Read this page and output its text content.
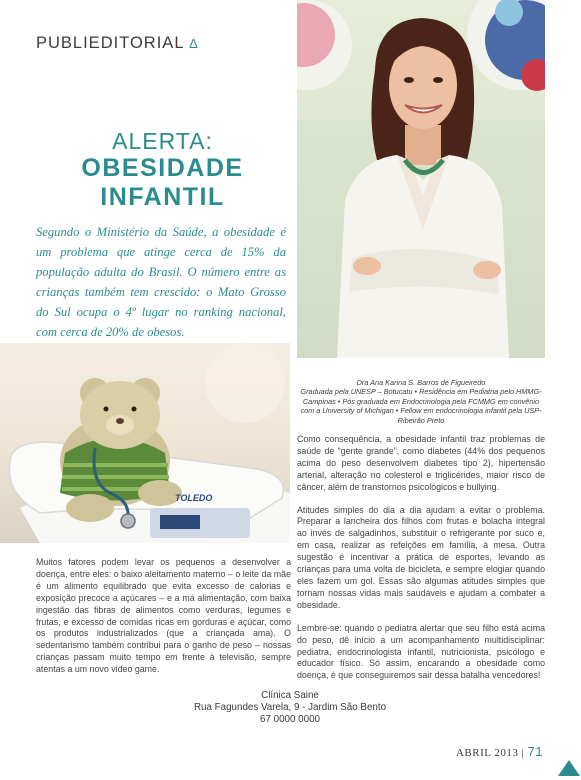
PUBLIEDITORIAL ∆
ALERTA:
OBESIDADE
INFANTIL

Segundo o Ministério da Saúde, a obesidade é um problema que atinge cerca de 15% da população adulta do Brasil. O número entre as crianças também tem crescido: o Mato Grosso do Sul ocupa o 4º lugar no ranking nacional, com cerca de 20% de obesos.

Dra Ana Karina S. Barros de Figueiredo
Graduada pela UNESP – Botucatu • Residência em Pediatria pelo HMMG- Campinas • Pós graduada em Endocrinologia pela FCMMG em convênio com a University of Michigan • Fellow em endocrinologia infantil pela USP- Ribeirão Preto
TOLEDO

Muitos fatores podem levar os pequenos a desenvolver a doença, entre eles: o baixo aleitamento materno – o leite da mãe é um alimento equilibrado que evita excesso de calorias e exposição precoce a açúcares – e a má alimentação, com baixa ingestão das fibras de alimentos como verduras, legumes e frutas, e excesso de comidas ricas em gorduras e açúcar, como os produtos industrializados (que a criançada ama). O sedentarismo também contribui para o ganho de peso – nossas crianças passam muito tempo em frente à televisão, sempre atentas a um novo video game.

Como consequência, a obesidade infantil traz problemas de saúde de “gente grande”, como diabetes (44% dos pequenos acima do peso desenvolvem diabetes tipo 2), hipertensão arterial, alteração no colesterol e triglicérides, maior risco de câncer, além de transtornos psicológicos e bullying.

Atitudes simples do dia a dia ajudam a evitar o problema. Preparar a lancheira dos filhos com frutas e bolacha integral ao invés de salgadinhos, substituir o refrigerante por suco e, em casa, realizar as refeições em família, à mesa. Outra sugestão é incentivar a prática de esportes, levando as crianças para uma volta de bicicleta, e sempre elogiar quando eles fazem um gol. Essas são algumas atitudes simples que tornam nossas vidas mais saudáveis e ajudam a combater a obesidade.

Lembre-se: quando o pediatra alertar que seu filho está acima do peso, dê início a um acompanhamento multidisciplinar: pediatra, endocrinologista infantil, nutricionista, psicólogo e educador físico. Só assim, encarando a obesidade como doença, é que conseguiremos sair dessa batalha vencedores!

Clínica Saine
Rua Fagundes Varela, 9 - Jardim São Bento
67 0000 0000
ABRIL 2013 | 71
